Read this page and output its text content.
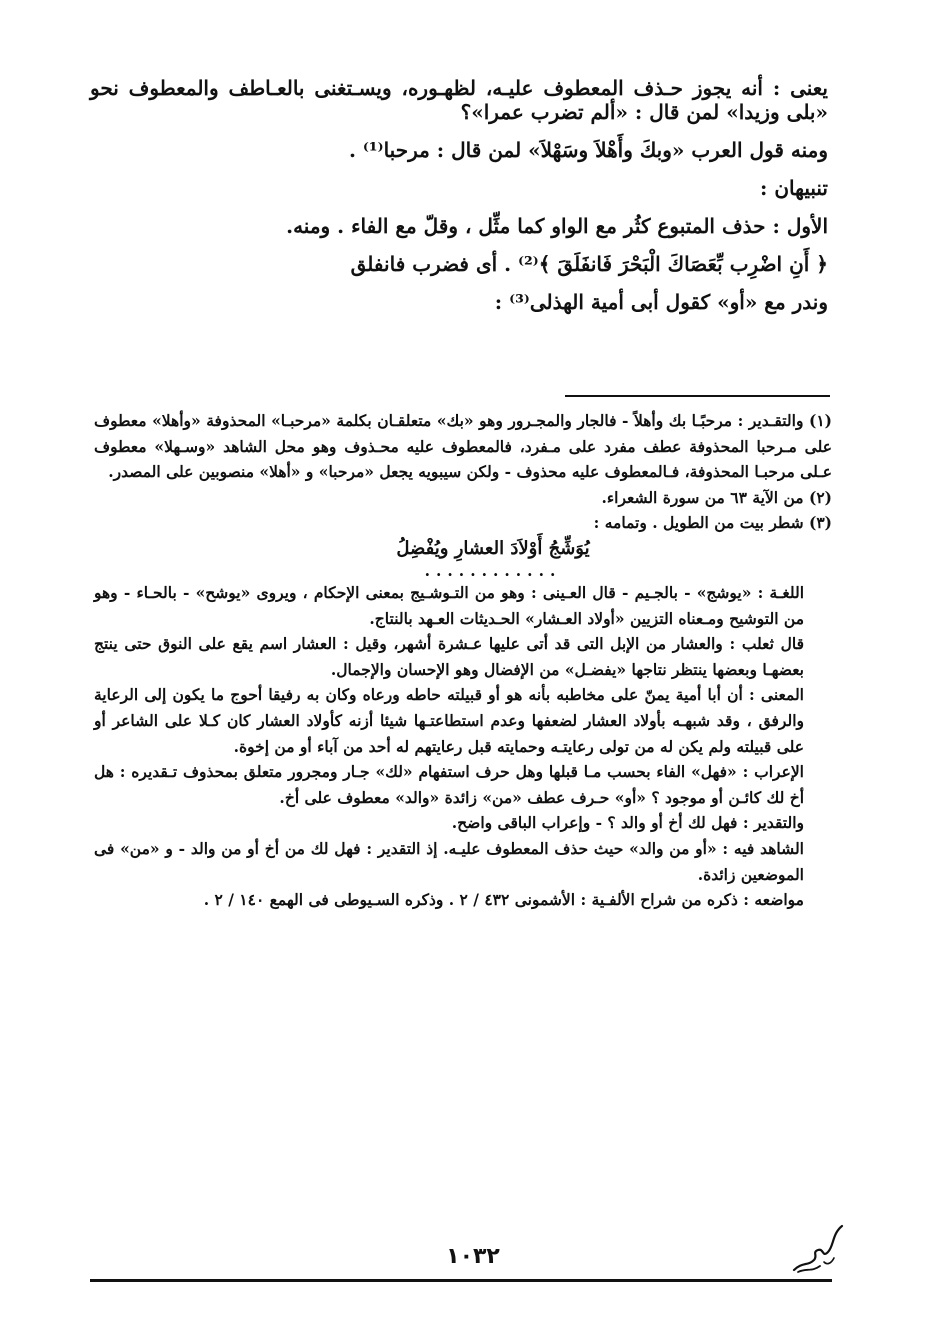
يعنى : أنه يجوز حـذف المعطوف عليـه، لظهـوره، ويسـتغنى بالعـاطف والمعطوف نحو «بلى وزيدا» لمن قال : «ألم تضرب عمرا»؟

ومنه قول العرب «وبكَ وأَهْلاَ وسَهْلاَ» لمن قال : مرحبا⁽¹⁾ .

تنبيهان :

الأول : حذف المتبوع كثُر مع الواو كما مثِّل ، وقلّ مع الفاء . ومنه.

﴿ أَنِ اضْرِب بِّعَصَاكَ الْبَحْرَ فَانفَلَقَ ﴾⁽²⁾ . أى فضرب فانفلق

وندر مع «أو» كقول أبى أمية الهذلى⁽³⁾ :

(١) والتقـدير : مرحبًـا بك وأهلاً - فالجار والمجـرور وهو «بك» متعلقـان بكلمة «مرحبـا» المحذوفة «وأهلا» معطوف على مـرحبا المحذوفة عطف مفرد على مـفرد، فالمعطوف عليه محـذوف وهو محل الشاهد «وسـهلا» معطوف عـلى مرحبـا المحذوفة، فـالمعطوف عليه محذوف - ولكن سيبويه يجعل «مرحبا» و «أهلا» منصوبين على المصدر.

(٢) من الآية ٦٣ من سورة الشعراء.

(٣) شطر بيت من الطويل . وتمامه :

يُوَشِّجُ أَوْلاَدَ العشارِ ويُفْضِلُ

............

اللغـة : «يوشج» - بالجـيم - قال العـينى : وهو من التـوشـيج بمعنى الإحكام ، ويروى «يوشح» - بالحـاء - وهو من التوشيح ومـعناه التزيين «أولاد العـشار» الحـديثات العـهد بالنتاج.

قال ثعلب : والعشار من الإبل التى قد أتى عليها عـشرة أشهر، وقيل : العشار اسم يقع على النوق حتى ينتج بعضهـا وبعضها ينتظر نتاجها «يفضـل» من الإفضال وهو الإحسان والإجمال.

المعنى : أن أبا أمية يمنّ على مخاطبه بأنه هو أو قبيلته حاطه ورعاه وكان به رفيقا أحوج ما يكون إلى الرعاية والرفق ، وقد شبهـه بأولاد العشار لضعفها وعدم استطاعتـها شيئا أزنه كأولاد العشار كان كـلا على الشاعر أو على قبيلته ولم يكن له من تولى رعايتـه وحمايته قبل رعايتهم له أحد من آباء أو من إخوة.

الإعراب : «فهل» الفاء بحسب مـا قبلها وهل حرف استفهام «لك» جـار ومجرور متعلق بمحذوف تـقديره : هل أخ لك كائـن أو موجود ؟ «أو» حـرف عطف «من» زائدة «والد» معطوف على أخ.

والتقدير : فهل لك أخ أو والد ؟ - وإعراب الباقى واضح.

الشاهد فيه : «أو من والد» حيث حذف المعطوف عليـه. إذ التقدير : فهل لك من أخ أو من والد - و «من» فى الموضعين زائدة.

مواضعه : ذكره من شراح الألفـية : الأشمونى ٤٣٢ / ٢ . وذكره السـيوطى فى الهمع ١٤٠ / ٢ .

١٠٣٢
